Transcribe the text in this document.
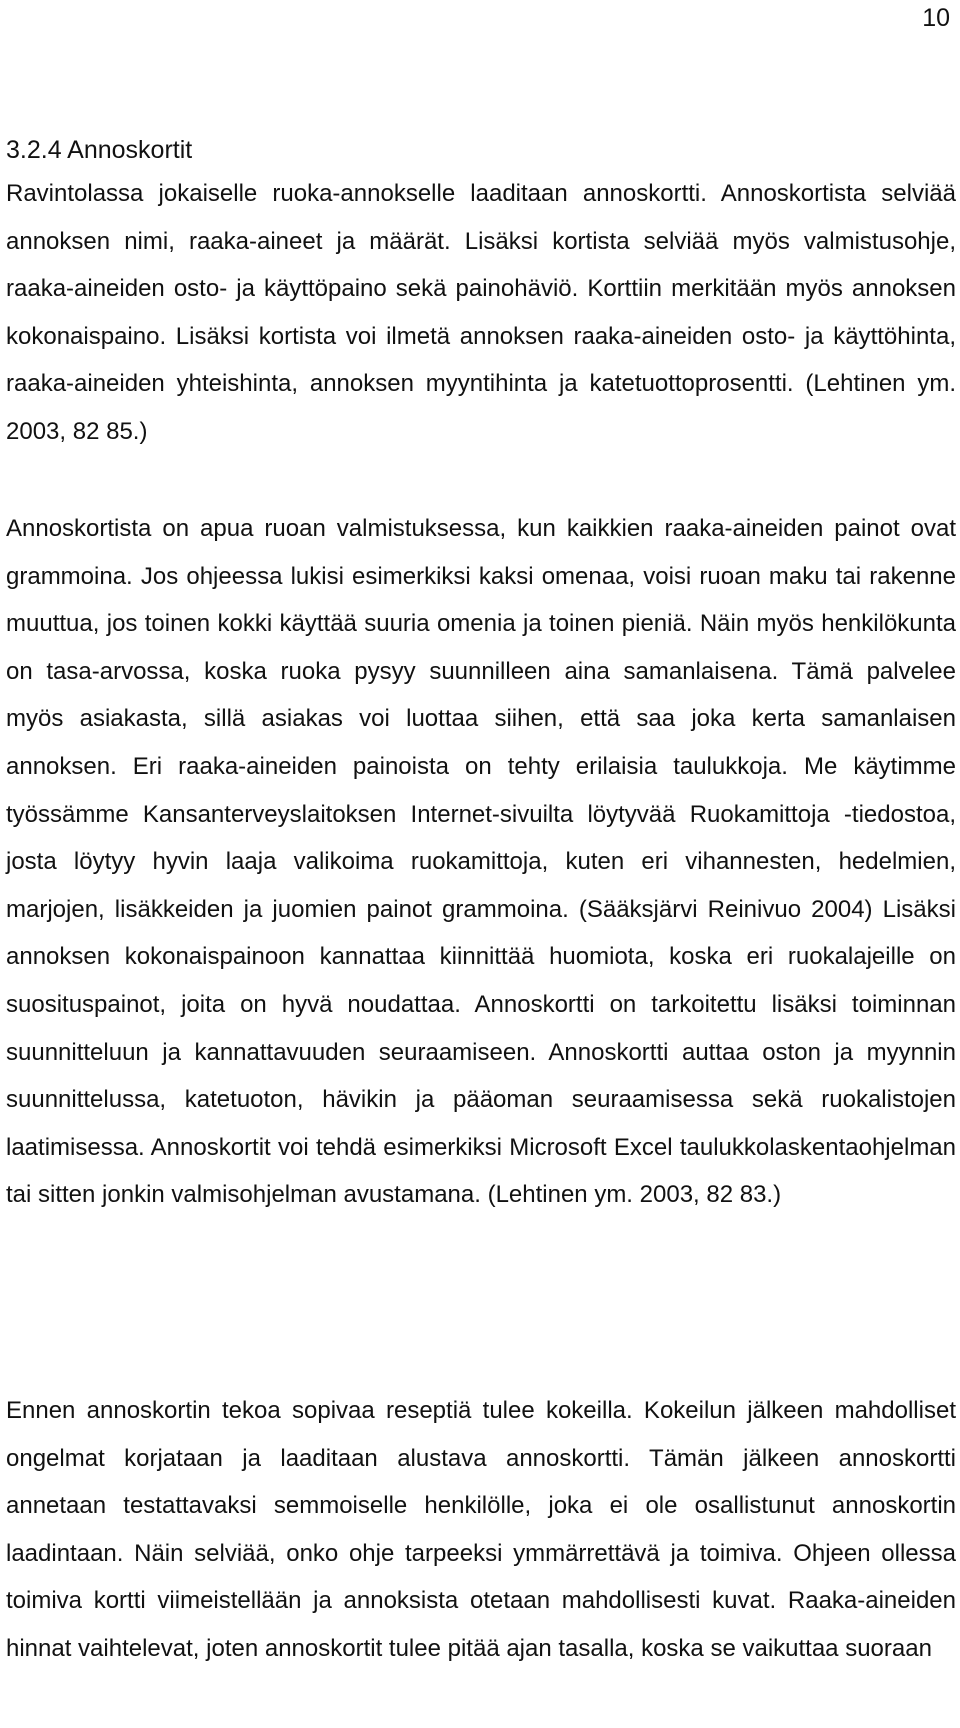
10
3.2.4 Annoskortit

Ravintolassa jokaiselle ruoka-annokselle laaditaan annoskortti. Annoskortista selviää annoksen nimi, raaka-aineet ja määrät. Lisäksi kortista selviää myös valmistusohje, raaka-aineiden osto- ja käyttöpaino sekä painohäviö. Korttiin merkitään myös annoksen kokonaispaino. Lisäksi kortista voi ilmetä annoksen raaka-aineiden osto- ja käyttöhinta, raaka-aineiden yhteishinta, annoksen myyntihinta ja katetuottoprosentti. (Lehtinen ym. 2003, 82 85.)

Annoskortista on apua ruoan valmistuksessa, kun kaikkien raaka-aineiden painot ovat grammoina. Jos ohjeessa lukisi esimerkiksi kaksi omenaa, voisi ruoan maku tai rakenne muuttua, jos toinen kokki käyttää suuria omenia ja toinen pieniä. Näin myös henkilökunta on tasa-arvossa, koska ruoka pysyy suunnilleen aina samanlaisena. Tämä palvelee myös asiakasta, sillä asiakas voi luottaa siihen, että saa joka kerta samanlaisen annoksen. Eri raaka-aineiden painoista on tehty erilaisia taulukkoja. Me käytimme työssämme Kansanterveyslaitoksen Internet-sivuilta löytyvää Ruokamittoja -tiedostoa, josta löytyy hyvin laaja valikoima ruokamittoja, kuten eri vihannesten, hedelmien, marjojen, lisäkkeiden ja juomien painot grammoina. (Sääksjärvi Reinivuo 2004) Lisäksi annoksen kokonaispainoon kannattaa kiinnittää huomiota, koska eri ruokalajeille on suosituspainot, joita on hyvä noudattaa. Annoskortti on tarkoitettu lisäksi toiminnan suunnitteluun ja kannattavuuden seuraamiseen. Annoskortti auttaa oston ja myynnin suunnittelussa, katetuoton, hävikin ja pääoman seuraamisessa sekä ruokalistojen laatimisessa. Annoskortit voi tehdä esimerkiksi Microsoft Excel taulukkolaskentaohjelman tai sitten jonkin valmisohjelman avustamana. (Lehtinen ym. 2003, 82 83.)

Ennen annoskortin tekoa sopivaa reseptiä tulee kokeilla. Kokeilun jälkeen mahdolliset ongelmat korjataan ja laaditaan alustava annoskortti. Tämän jälkeen annoskortti annetaan testattavaksi semmoiselle henkilölle, joka ei ole osallistunut annoskortin laadintaan. Näin selviää, onko ohje tarpeeksi ymmärrettävä ja toimiva. Ohjeen ollessa toimiva kortti viimeistellään ja annoksista otetaan mahdollisesti kuvat. Raaka-aineiden hinnat vaihtelevat, joten annoskortit tulee pitää ajan tasalla, koska se vaikuttaa suoraan
